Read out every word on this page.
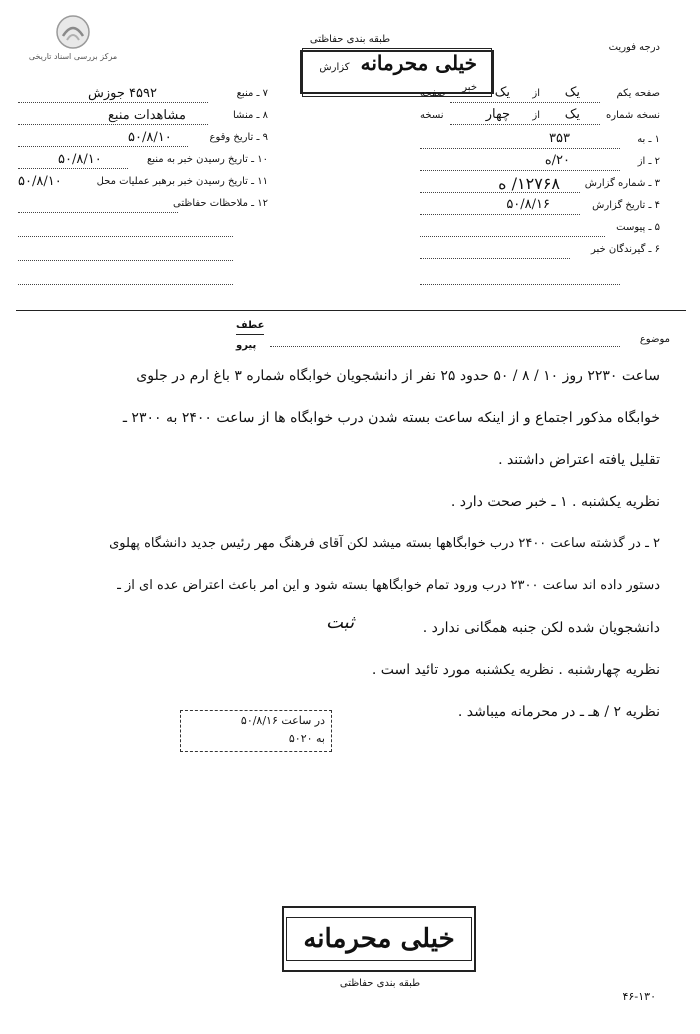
مرکز بررسی اسناد تاریخی
طبقه بندی حفاظتی
خیلی محرمانه کزارش خبر
درجه فوریت
۷ ـ منبع
۴۵۹۲ جوزش
۸ ـ منشا
مشاهدات منبع
۹ ـ تاریخ وقوع
۵۰/۸/۱۰
۱۰ ـ تاریخ رسیدن خبر به منبع
۵۰/۸/۱۰
۱۱ ـ تاریخ رسیدن خبر برهبر عملیات محل
۵۰/۸/۱۰
۱۲ ـ ملاحظات حفاظتی
صفحه یکم
یک
از
یک
صفحه
نسخه شماره
یک
از
چهار
نسخه
۱ ـ به
۳۵۳
۲ ـ از
۲۰/ه
۳ ـ شماره گزارش
۱۲۷۶۸/ ه
۴ ـ تاریخ گزارش
۵۰/۸/۱۶
۵ ـ پیوست
۶ ـ گیرندگان خبر
عطف
پیرو
موضوع
ساعت ۲۲۳۰ روز ۱۰ / ۸ / ۵۰ حدود ۲۵ نفر از دانشجویان خوابگاه شماره ۳ باغ ارم در جلوی
خوابگاه مذکور اجتماع و از اینکه ساعت بسته شدن درب خوابگاه ها از ساعت ۲۴۰۰ به ۲۳۰۰ ـ
تقلیل یافته اعتراض داشتند .
نظریه یکشنبه . ۱ ـ خبر صحت دارد .
۲ ـ در گذشته ساعت ۲۴۰۰ درب خوابگاهها بسته میشد لکن آقای فرهنگ مهر رئیس جدید دانشگاه پهلوی
دستور داده اند ساعت ۲۳۰۰ درب ورود تمام خوابگاهها بسته شود و این امر باعث اعتراض عده ای از ـ
دانشجویان شده لکن جنبه همگانی ندارد .
ثبت
نظریه چهارشنبه . نظریه یکشنبه مورد تائید است .
نظریه ۲ / هـ ـ در محرمانه میباشد .
در ساعت ۵۰/۸/۱۶
به ۵۰۲۰
خیلی محرمانه
طبقه بندی حفاظتی
۴۶-۱۳۰
